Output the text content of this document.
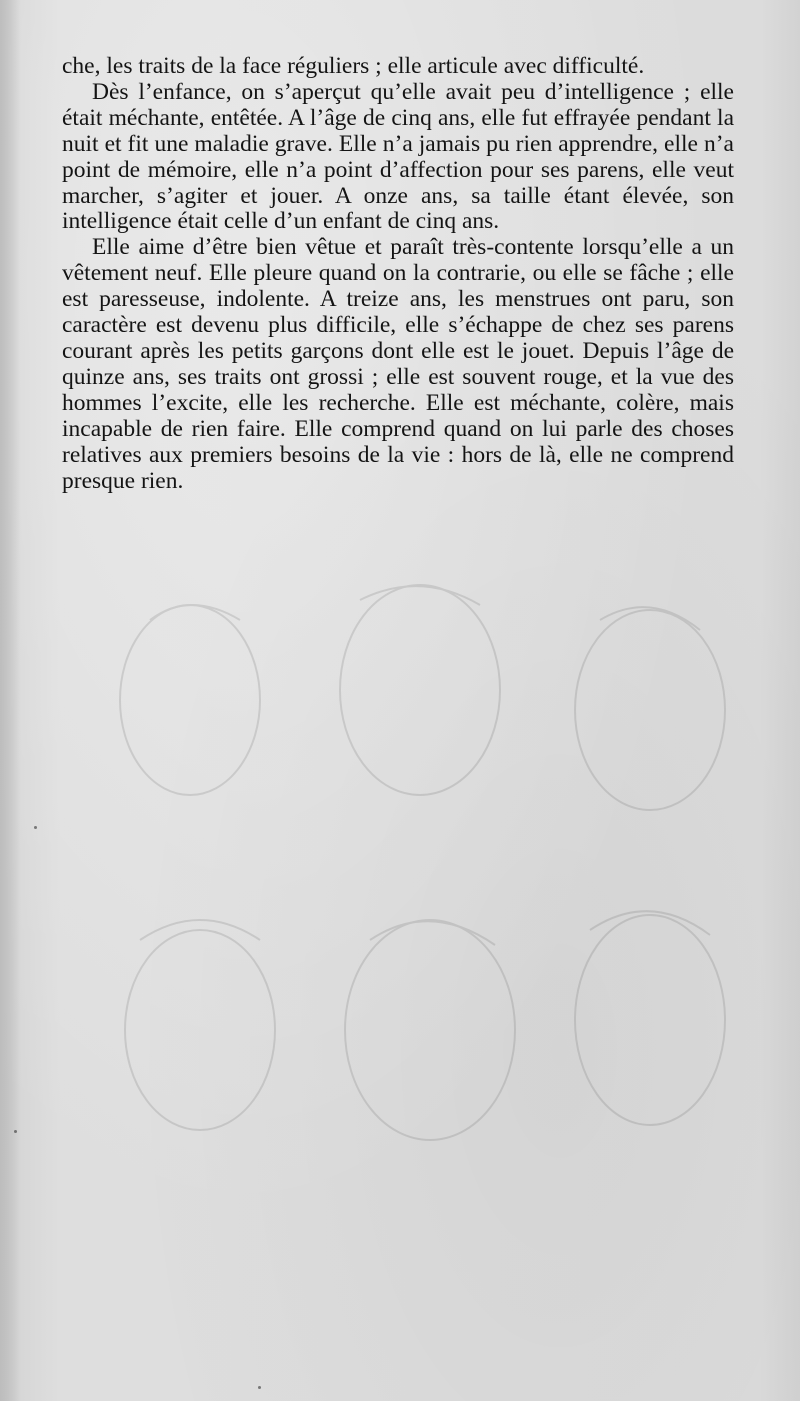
che, les traits de la face réguliers ; elle articule avec difficulté.

Dès l’enfance, on s’aperçut qu’elle avait peu d’intelligence ; elle était méchante, entêtée. A l’âge de cinq ans, elle fut effrayée pendant la nuit et fit une maladie grave. Elle n’a jamais pu rien apprendre, elle n’a point de mémoire, elle n’a point d’affection pour ses parens, elle veut marcher, s’agiter et jouer. A onze ans, sa taille étant élevée, son intelligence était celle d’un enfant de cinq ans.

Elle aime d’être bien vêtue et paraît très-contente lorsqu’elle a un vêtement neuf. Elle pleure quand on la contrarie, ou elle se fâche ; elle est paresseuse, indolente. A treize ans, les menstrues ont paru, son caractère est devenu plus difficile, elle s’échappe de chez ses parens courant après les petits garçons dont elle est le jouet. Depuis l’âge de quinze ans, ses traits ont grossi ; elle est souvent rouge, et la vue des hommes l’excite, elle les recherche. Elle est méchante, colère, mais incapable de rien faire. Elle comprend quand on lui parle des choses relatives aux premiers besoins de la vie : hors de là, elle ne comprend presque rien.
